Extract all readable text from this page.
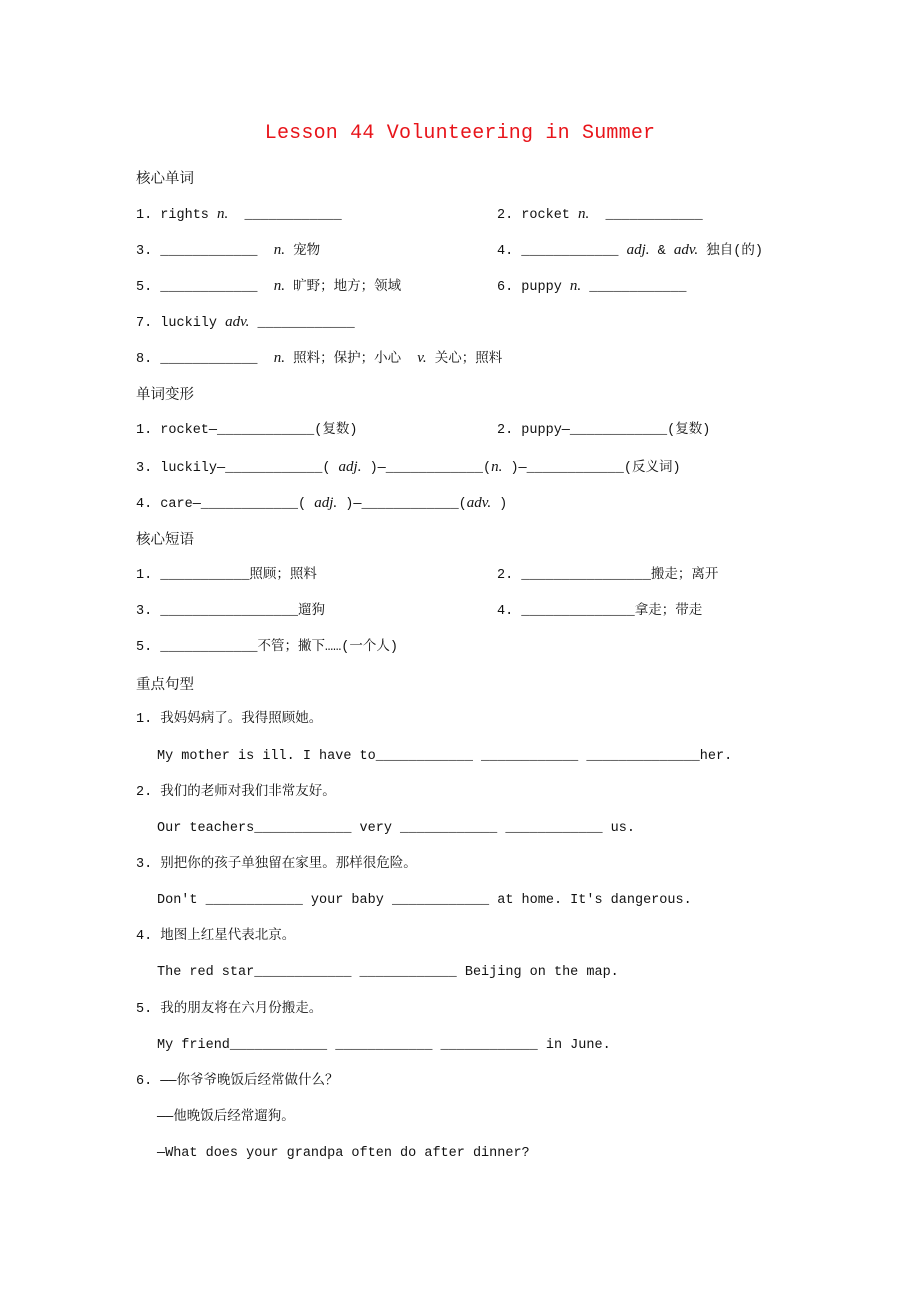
Lesson 44 Volunteering in Summer
核心单词
1. rights n.  ____________	2. rocket n.  ____________
3. ____________  n. 宠物	4. ____________ adj. & adv. 独自(的)
5. ____________  n. 旷野；地方；领域	6. puppy n. ____________
7. luckily adv. ____________
8. ____________  n. 照料；保护；小心  v. 关心；照料
单词变形
1. rocket—____________(复数)	2. puppy—____________(复数)
3. luckily—____________( adj. )—____________(n. )—____________(反义词)
4. care—____________( adj. )—____________(adv. )
核心短语
1. ___________照顾；照料	2. ________________搬走；离开
3. _________________遛狗	4. ______________拿走；带走
5. ____________不管；撇下……(一个人)
重点句型
1. 我妈妈病了。我得照顾她。
My mother is ill. I have to____________ ____________ ______________her.
2. 我们的老师对我们非常友好。
Our teachers____________ very ____________ ____________ us.
3. 别把你的孩子单独留在家里。那样很危险。
Don't ____________ your baby ____________ at home. It's dangerous.
4. 地图上红星代表北京。
The red star____________ ____________ Beijing on the map.
5. 我的朋友将在六月份搬走。
My friend____________ ____________ ____________ in June.
6. ——你爷爷晚饭后经常做什么？
——他晚饭后经常遛狗。
—What does your grandpa often do after dinner?
